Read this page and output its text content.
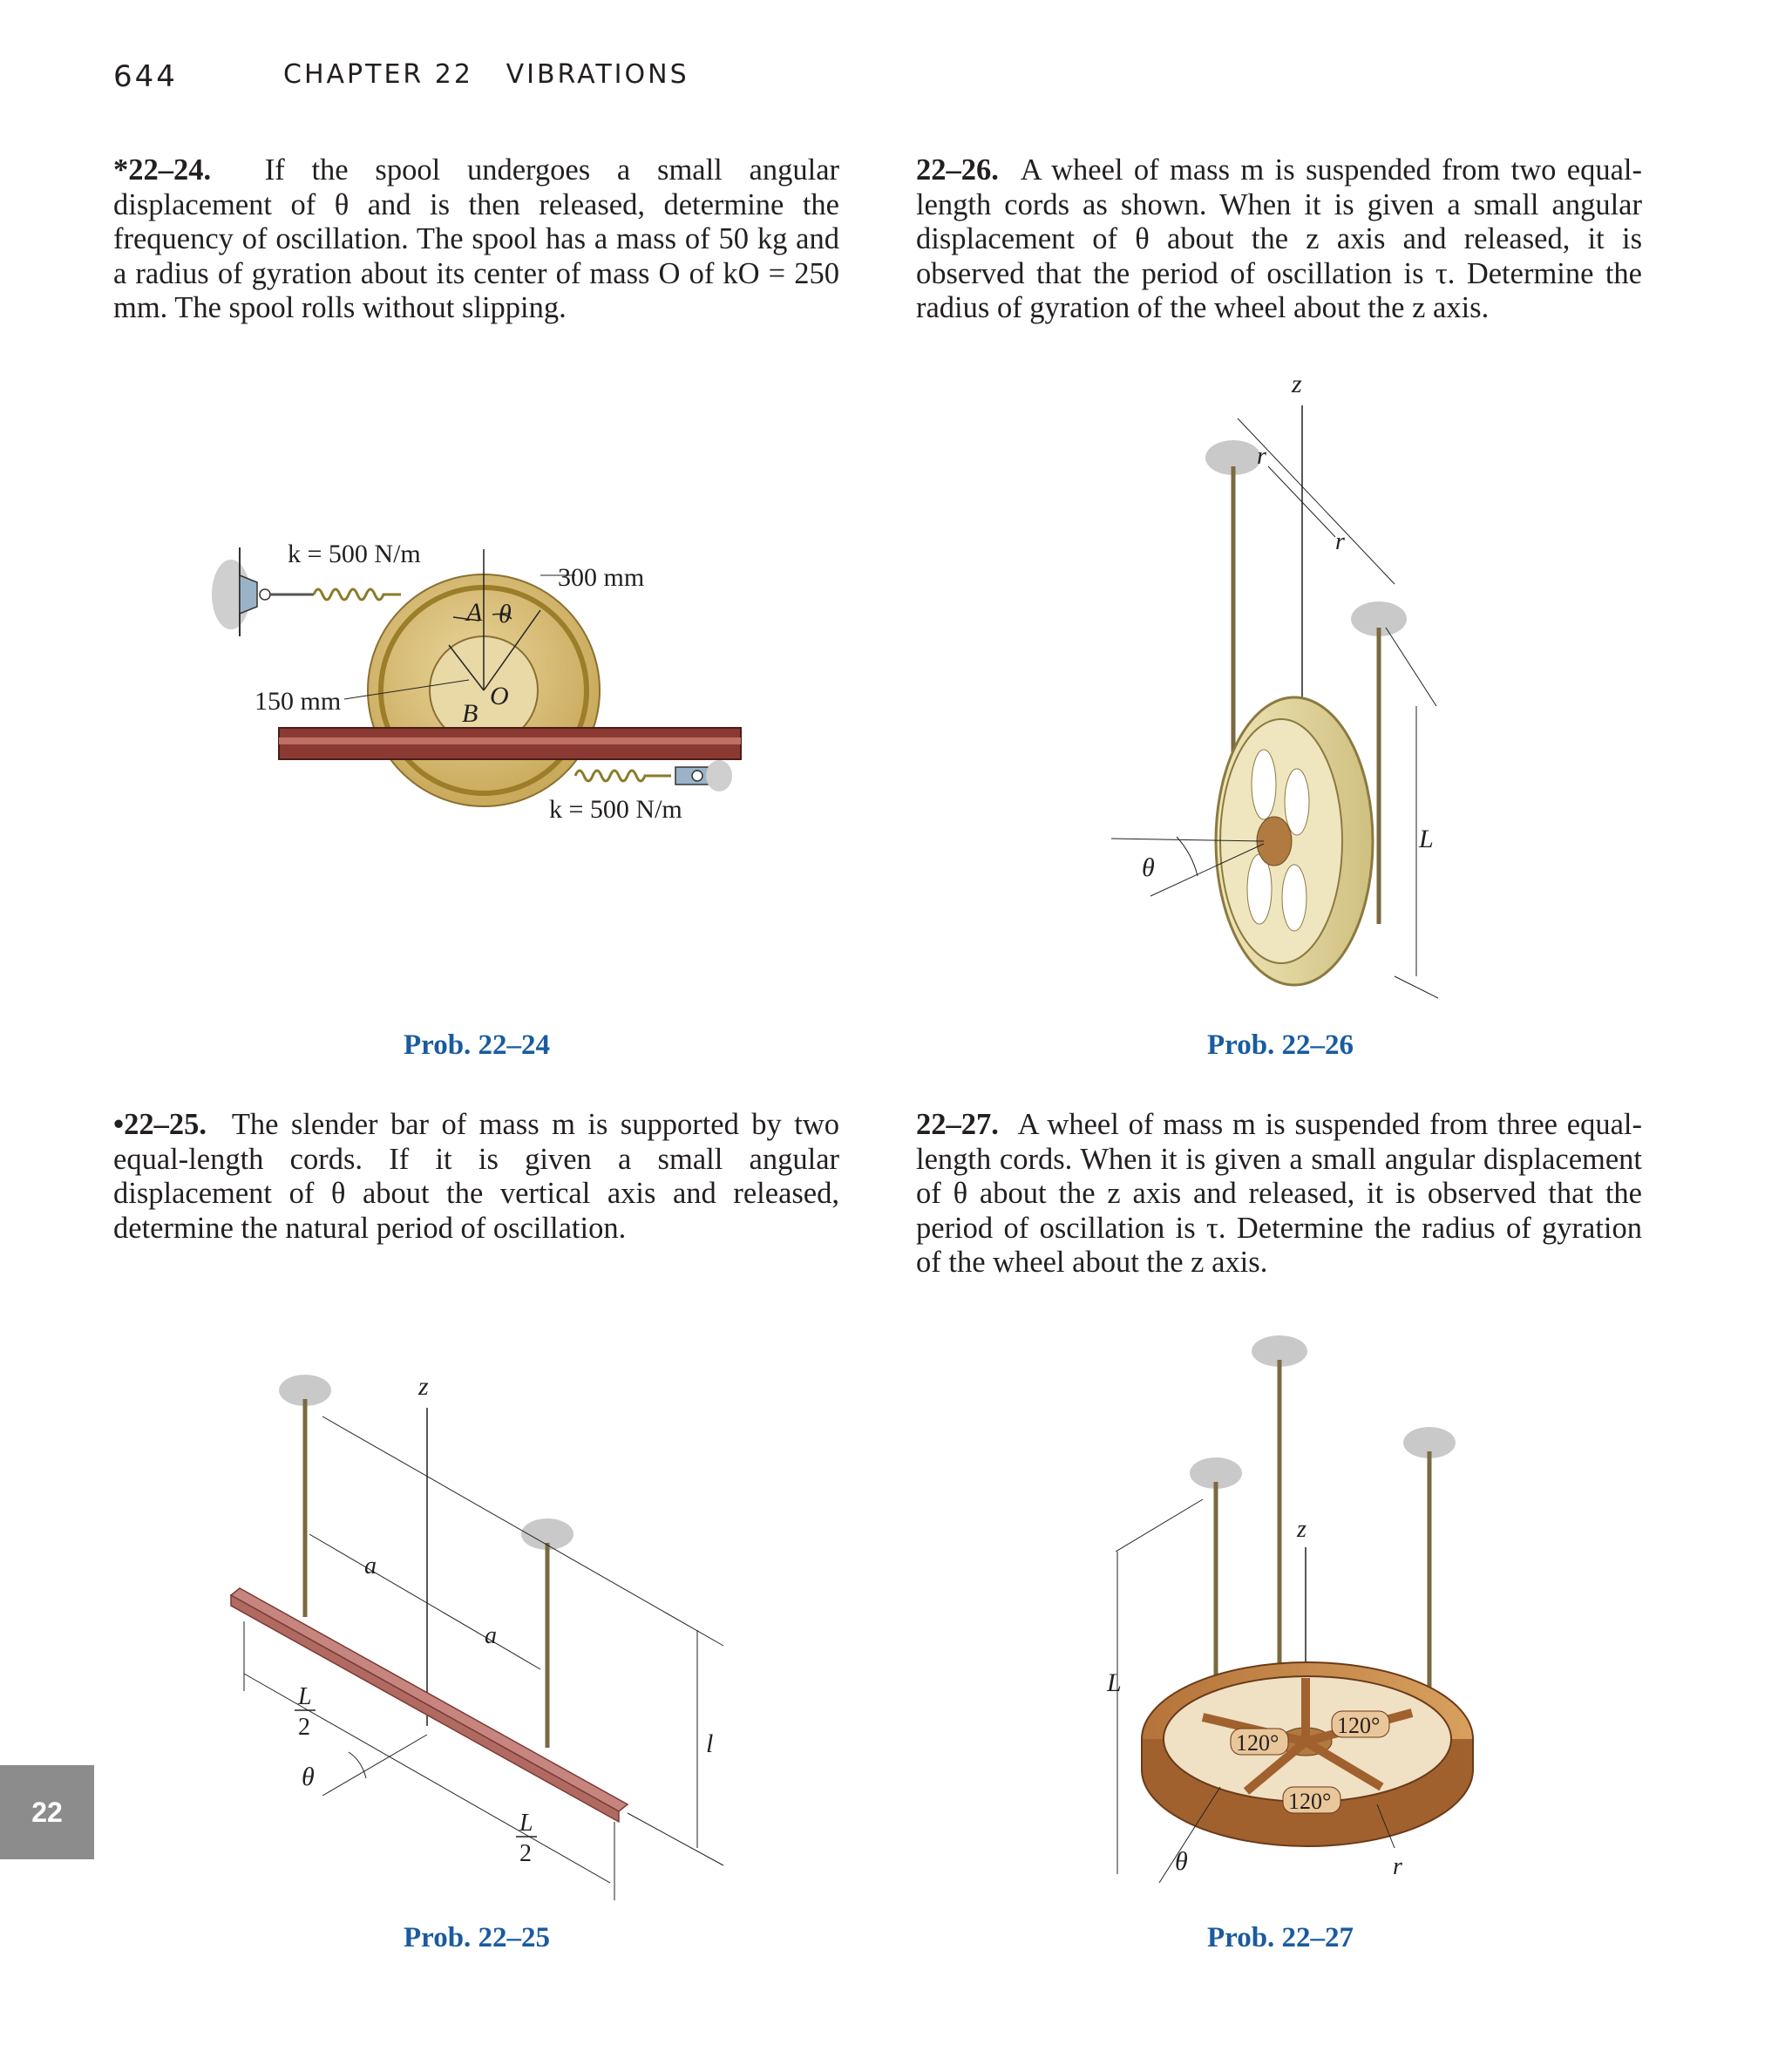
644	CHAPTER 22 VIBRATIONS
*22–24. If the spool undergoes a small angular displacement of θ and is then released, determine the frequency of oscillation. The spool has a mass of 50 kg and a radius of gyration about its center of mass O of kO = 250 mm. The spool rolls without slipping.
22–26. A wheel of mass m is suspended from two equal-length cords as shown. When it is given a small angular displacement of θ about the z axis and released, it is observed that the period of oscillation is τ. Determine the radius of gyration of the wheel about the z axis.
•22–25. The slender bar of mass m is supported by two equal-length cords. If it is given a small angular displacement of θ about the vertical axis and released, determine the natural period of oscillation.
22–27. A wheel of mass m is suspended from three equal-length cords. When it is given a small angular displacement of θ about the z axis and released, it is observed that the period of oscillation is τ. Determine the radius of gyration of the wheel about the z axis.
A θ
O
B
k = 500 N/m
300 mm
150 mm
k = 500 N/m
Prob. 22–24
z
r
r
L
θ
Prob. 22–26
z
a
a
L
2
L
2
θ
l
Prob. 22–25
z
L
120°
120°
120°
θ	r
Prob. 22–27
22
